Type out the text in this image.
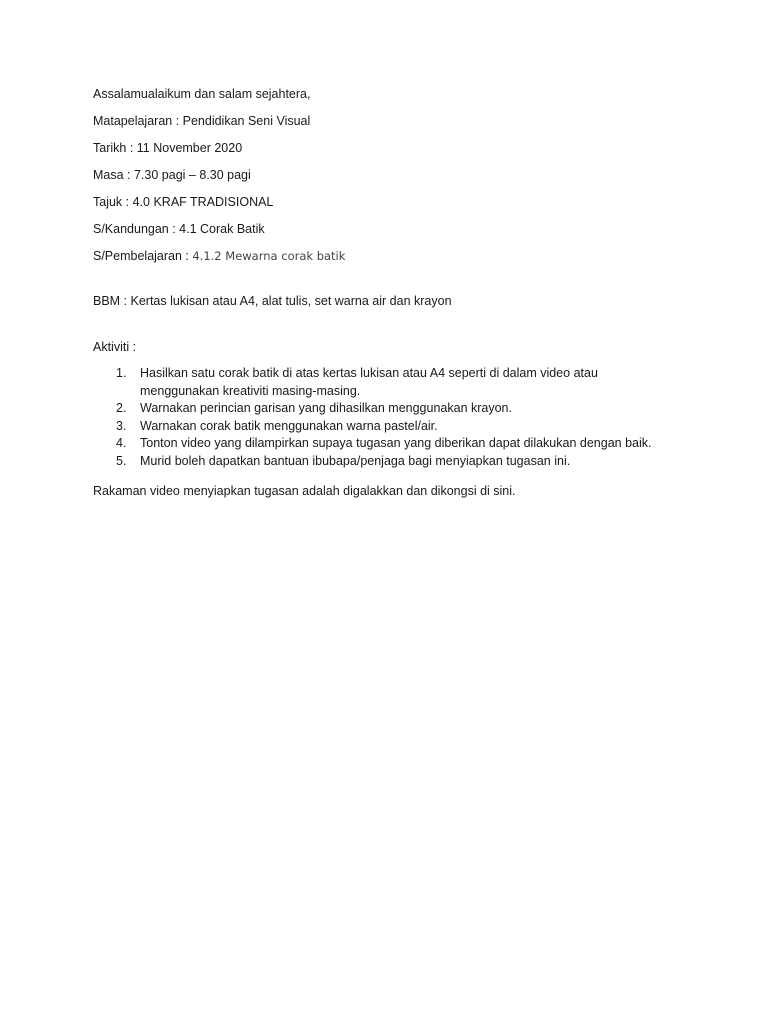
Assalamualaikum dan salam sejahtera,

Matapelajaran : Pendidikan Seni Visual

Tarikh : 11 November 2020

Masa : 7.30 pagi – 8.30 pagi

Tajuk : 4.0 KRAF TRADISIONAL

S/Kandungan : 4.1 Corak Batik

S/Pembelajaran : 4.1.2 Mewarna corak batik

BBM : Kertas lukisan atau A4, alat tulis, set warna air dan krayon

Aktiviti :

1. Hasilkan satu corak batik di atas kertas lukisan atau A4 seperti di dalam video atau
menggunakan kreativiti masing-masing.
2. Warnakan perincian garisan yang dihasilkan menggunakan krayon.
3. Warnakan corak batik menggunakan warna pastel/air.
4. Tonton video yang dilampirkan supaya tugasan yang diberikan dapat dilakukan dengan baik.
5. Murid boleh dapatkan bantuan ibubapa/penjaga bagi menyiapkan tugasan ini.

Rakaman video menyiapkan tugasan adalah digalakkan dan dikongsi di sini.
